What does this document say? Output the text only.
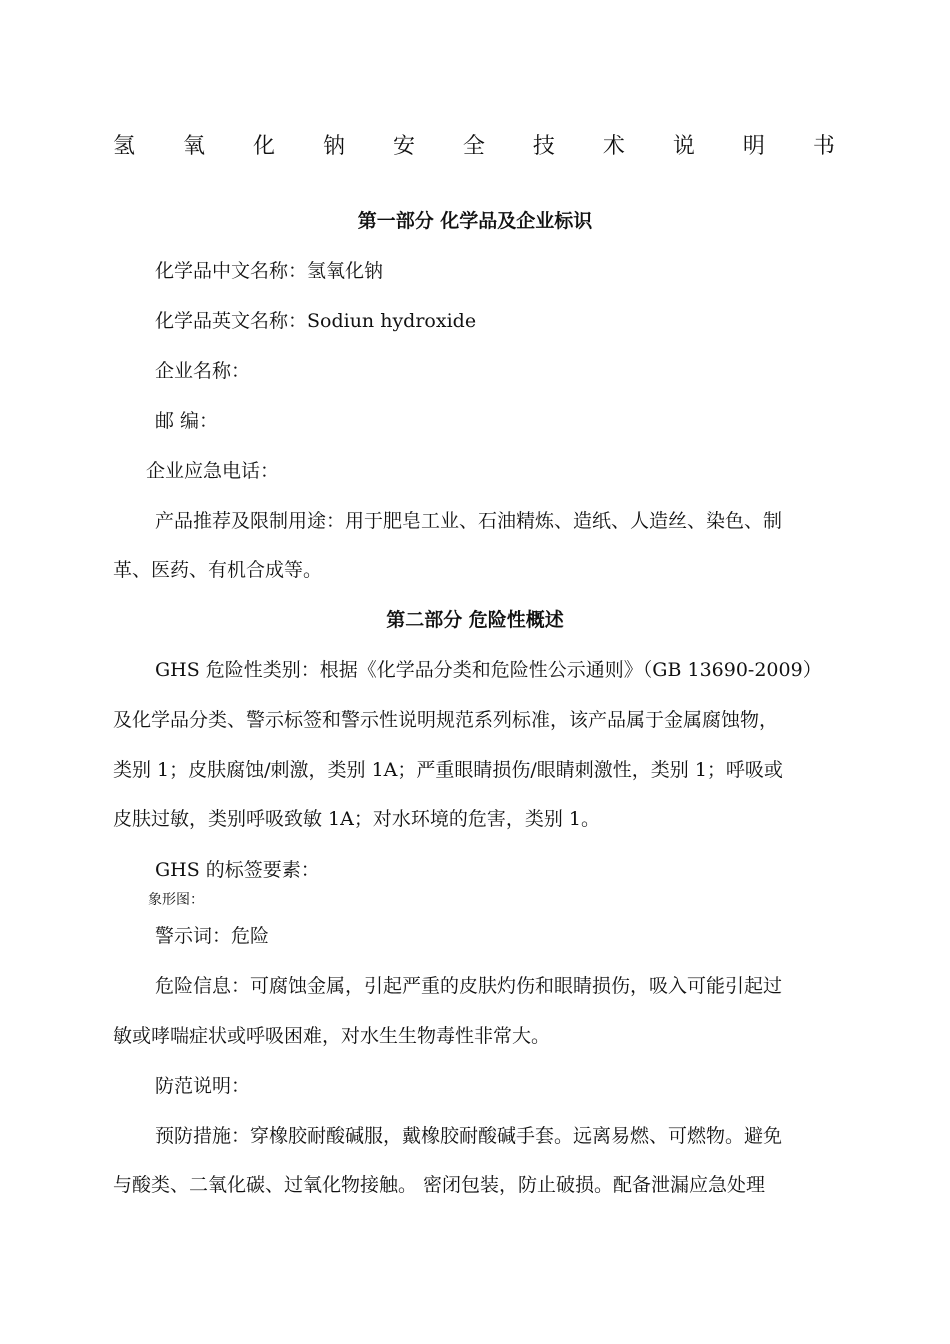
氢 氧 化 钠 安 全 技 术 说 明 书
第一部分 化学品及企业标识
化学品中文名称：氢氧化钠
化学品英文名称：Sodiun hydroxide
企业名称：
邮 编：
企业应急电话：
产品推荐及限制用途：用于肥皂工业、石油精炼、造纸、人造丝、染色、制
革、医药、有机合成等。
第二部分 危险性概述
GHS 危险性类别：根据《化学品分类和危险性公示通则》（GB 13690-2009）
及化学品分类、警示标签和警示性说明规范系列标准，该产品属于金属腐蚀物，
类别 1；皮肤腐蚀/刺激，类别 1A；严重眼睛损伤/眼睛刺激性，类别 1；呼吸或
皮肤过敏，类别呼吸致敏 1A；对水环境的危害，类别 1。
GHS 的标签要素：
象形图：
警示词：危险
危险信息：可腐蚀金属，引起严重的皮肤灼伤和眼睛损伤，吸入可能引起过
敏或哮喘症状或呼吸困难，对水生生物毒性非常大。
防范说明：
预防措施：穿橡胶耐酸碱服，戴橡胶耐酸碱手套。远离易燃、可燃物。避免
与酸类、二氧化碳、过氧化物接触。 密闭包装，防止破损。配备泄漏应急处理
